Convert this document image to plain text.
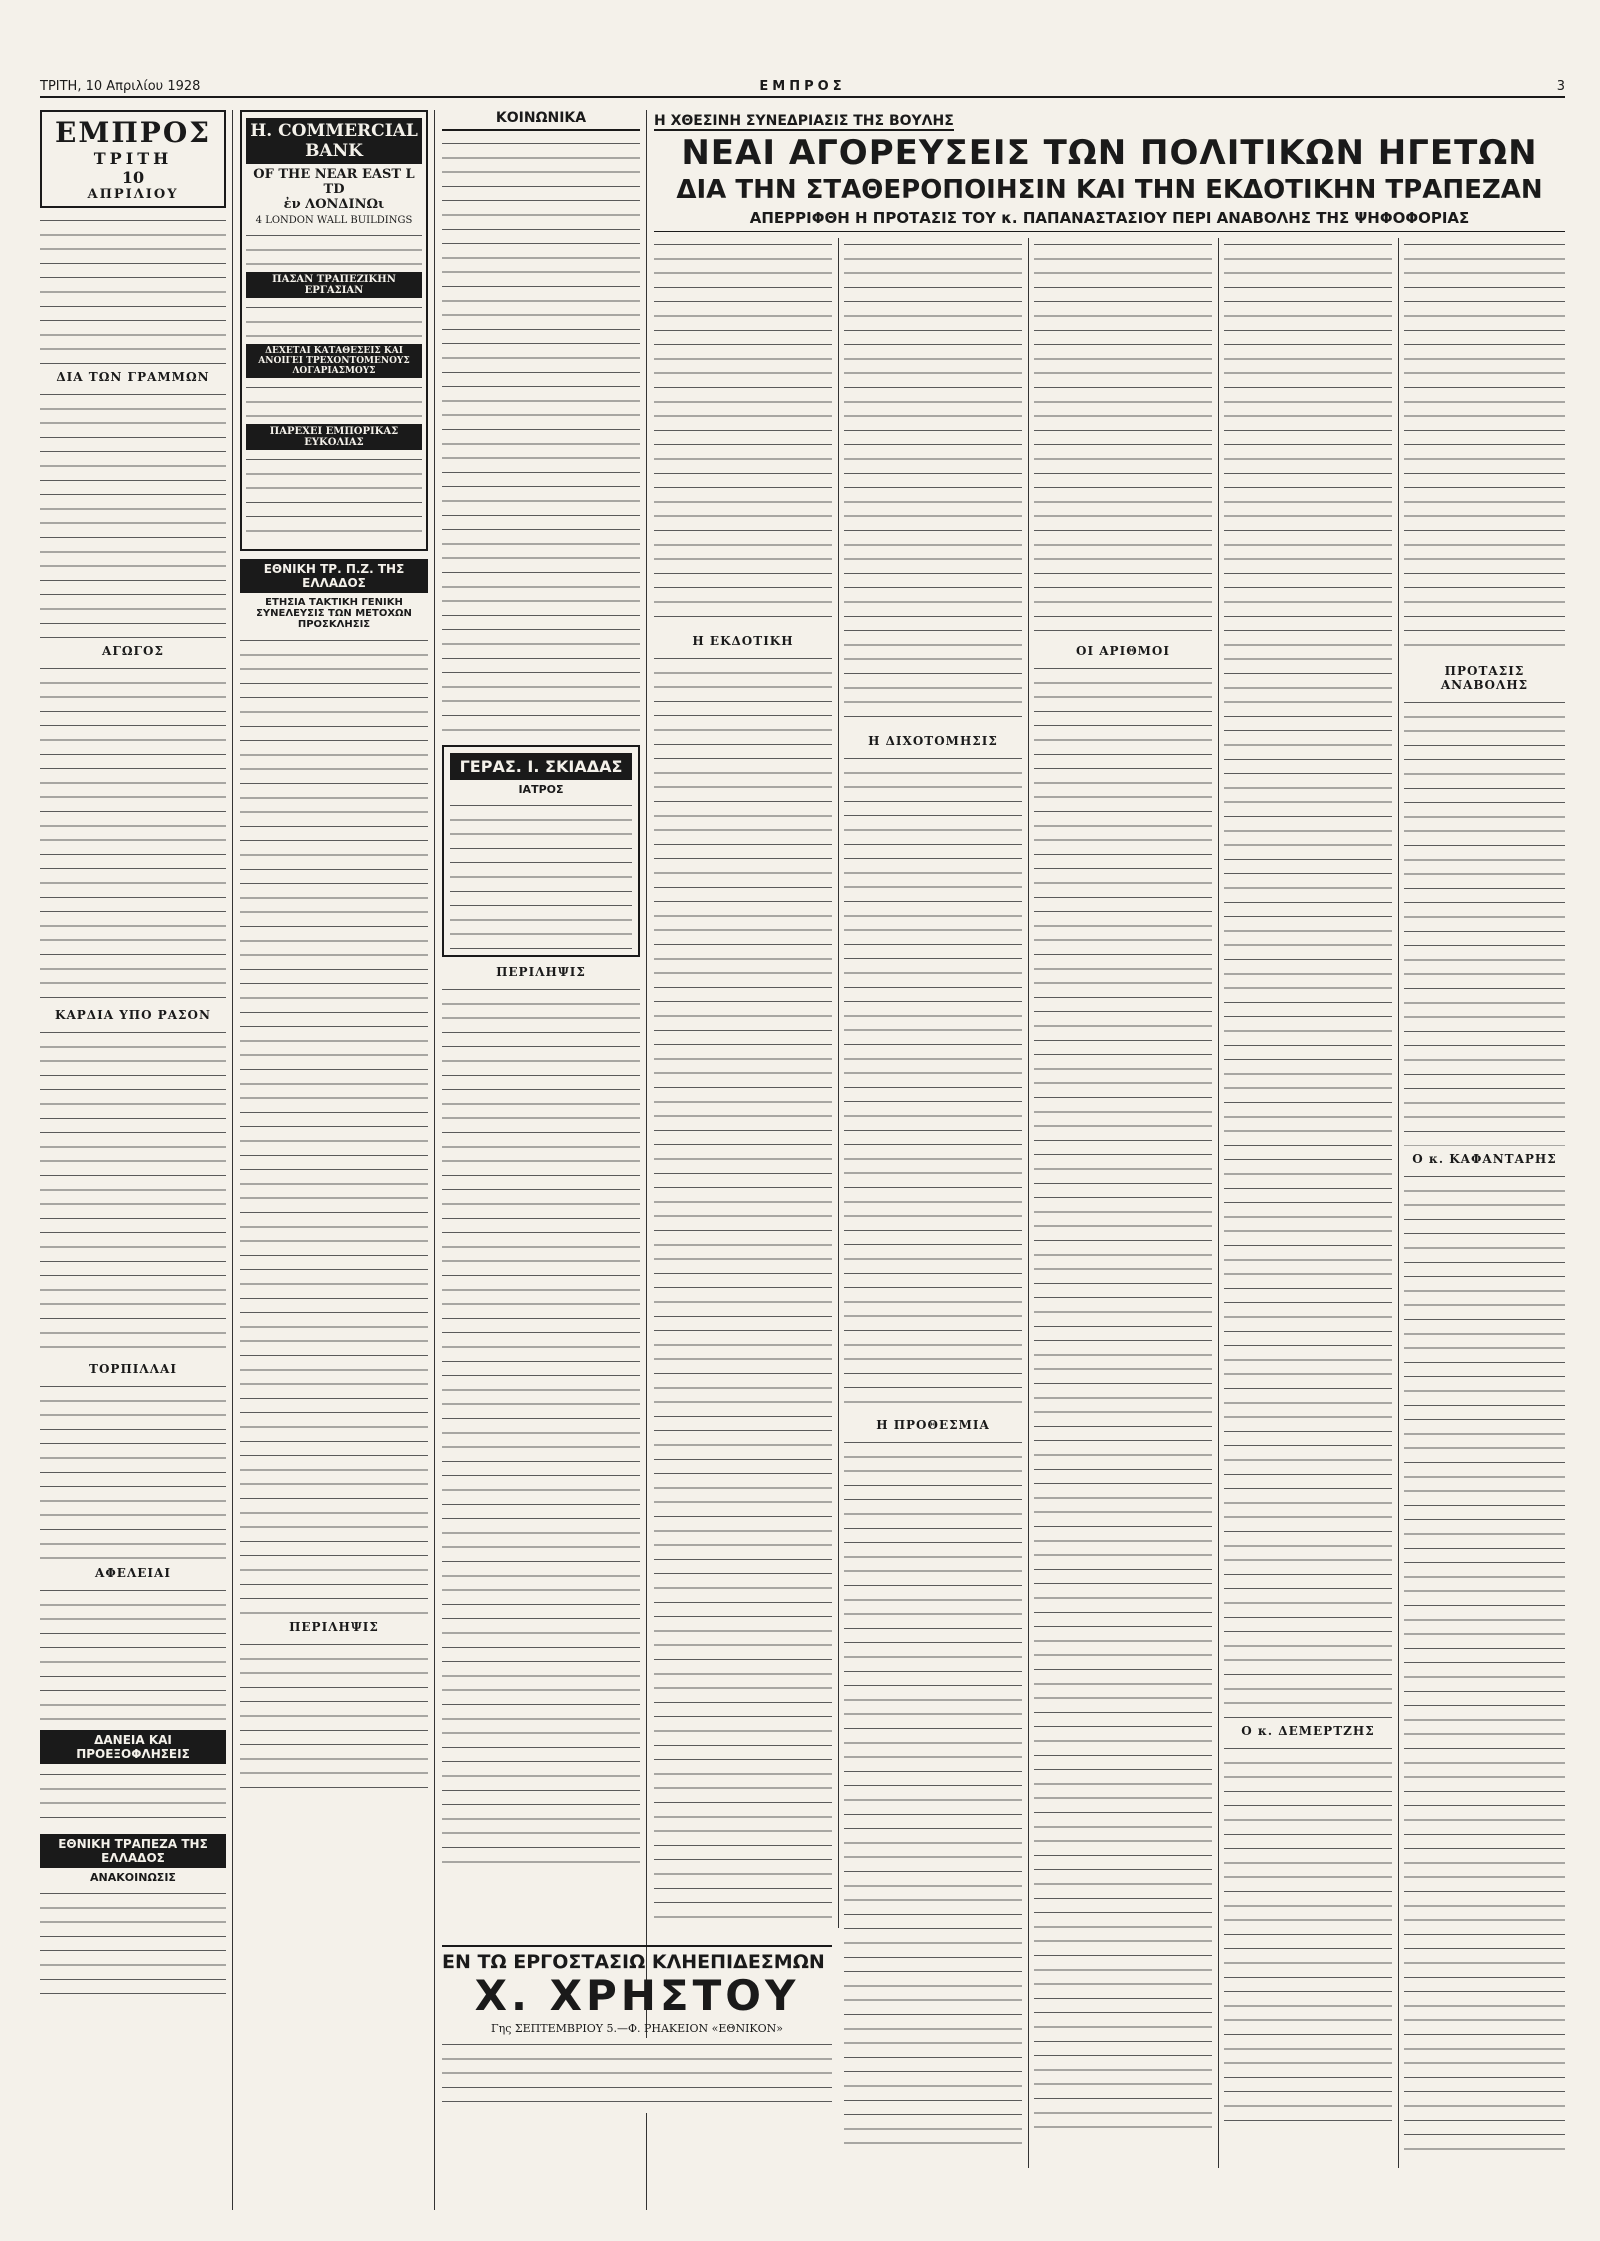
ΤΡΙΤΗ, 10 Απριλίου 1928	ΕΜΠΡΟΣ	3
ΕΜΠΡΟΣ
ΤΡΙΤΗ
10
ΑΠΡΙΛΙΟΥ
ΔΙΑ ΤΩΝ ΓΡΑΜΜΩΝ
ΑΓΩΓΟΣ
ΚΑΡΔΙΑ ΥΠΟ ΡΑΣΟΝ
ΤΟΡΠΙΛΛΑΙ
ΑΦΕΛΕΙΑΙ
ΔΑΝΕΙΑ ΚΑΙ ΠΡΟΕΞΟΦΛΗΣΕΙΣ
ΕΘΝΙΚΗ ΤΡΑΠΕΖΑ ΤΗΣ ΕΛΛΑΔΟΣ
ΑΝΑΚΟΙΝΩΣΙΣ
H. COMMERCIAL BANK
OF THE NEAR EAST L TD
ἐν ΛΟΝΔΙΝΩι
4 LONDON WALL BUILDINGS
ΠΑΣΑΝ ΤΡΑΠΕΖΙΚΗΝ ΕΡΓΑΣΙΑΝ
ΔΕΧΕΤΑΙ ΚΑΤΑΘΕΣΕΙΣ ΚΑΙ ΑΝΟΙΓΕΙ ΤΡΕΧΟΝΤΟΜΕΝΟΥΣ ΛΟΓΑΡΙΑΣΜΟΥΣ
ΠΑΡΕΧΕΙ ΕΜΠΟΡΙΚΑΣ ΕΥΚΟΛΙΑΣ
ΕΘΝΙΚΗ ΤΡ. Π.Ζ. ΤΗΣ ΕΛΛΑΔΟΣ
ΕΤΗΣΙΑ ΤΑΚΤΙΚΗ ΓΕΝΙΚΗ ΣΥΝΕΛΕΥΣΙΣ ΤΩΝ ΜΕΤΟΧΩΝ ΠΡΟΣΚΛΗΣΙΣ
ΠΕΡΙΛΗΨΙΣ
ΚΟΙΝΩΝΙΚΑ
ΓΕΡΑΣ. Ι. ΣΚΙΑΔΑΣ
ΙΑΤΡΟΣ
ΠΕΡΙΛΗΨΙΣ
Η ΧΘΕΣΙΝΗ ΣΥΝΕΔΡΙΑΣΙΣ ΤΗΣ ΒΟΥΛΗΣ
ΝΕΑΙ ΑΓΟΡΕΥΣΕΙΣ ΤΩΝ ΠΟΛΙΤΙΚΩΝ ΗΓΕΤΩΝ
ΔΙΑ ΤΗΝ ΣΤΑΘΕΡΟΠΟΙΗΣΙΝ ΚΑΙ ΤΗΝ ΕΚΔΟΤΙΚΗΝ ΤΡΑΠΕΖΑΝ
ΑΠΕΡΡΙΦΘΗ Η ΠΡΟΤΑΣΙΣ ΤΟΥ κ. ΠΑΠΑΝΑΣΤΑΣΙΟΥ ΠΕΡΙ ΑΝΑΒΟΛΗΣ ΤΗΣ ΨΗΦΟΦΟΡΙΑΣ
Η ΕΚΔΟΤΙΚΗ
Η ΔΙΧΟΤΟΜΗΣΙΣ
Η ΠΡΟΘΕΣΜΙΑ
ΟΙ ΑΡΙΘΜΟΙ
Ο κ. ΔΕΜΕΡΤΖΗΣ
ΠΡΟΤΑΣΙΣ ΑΝΑΒΟΛΗΣ
Ο κ. ΚΑΦΑΝΤΑΡΗΣ
ΕΝ ΤΩ ΕΡΓΟΣΤΑΣΙΩ ΚΛΗΕΠΙΔΕΣΜΩΝ
Χ. ΧΡΗΣΤΟΥ
Γης ΣΕΠΤΕΜΒΡΙΟΥ 5.—Φ. ΡΗΑΚΕΙΟΝ «ΕΘΝΙΚΟΝ»
